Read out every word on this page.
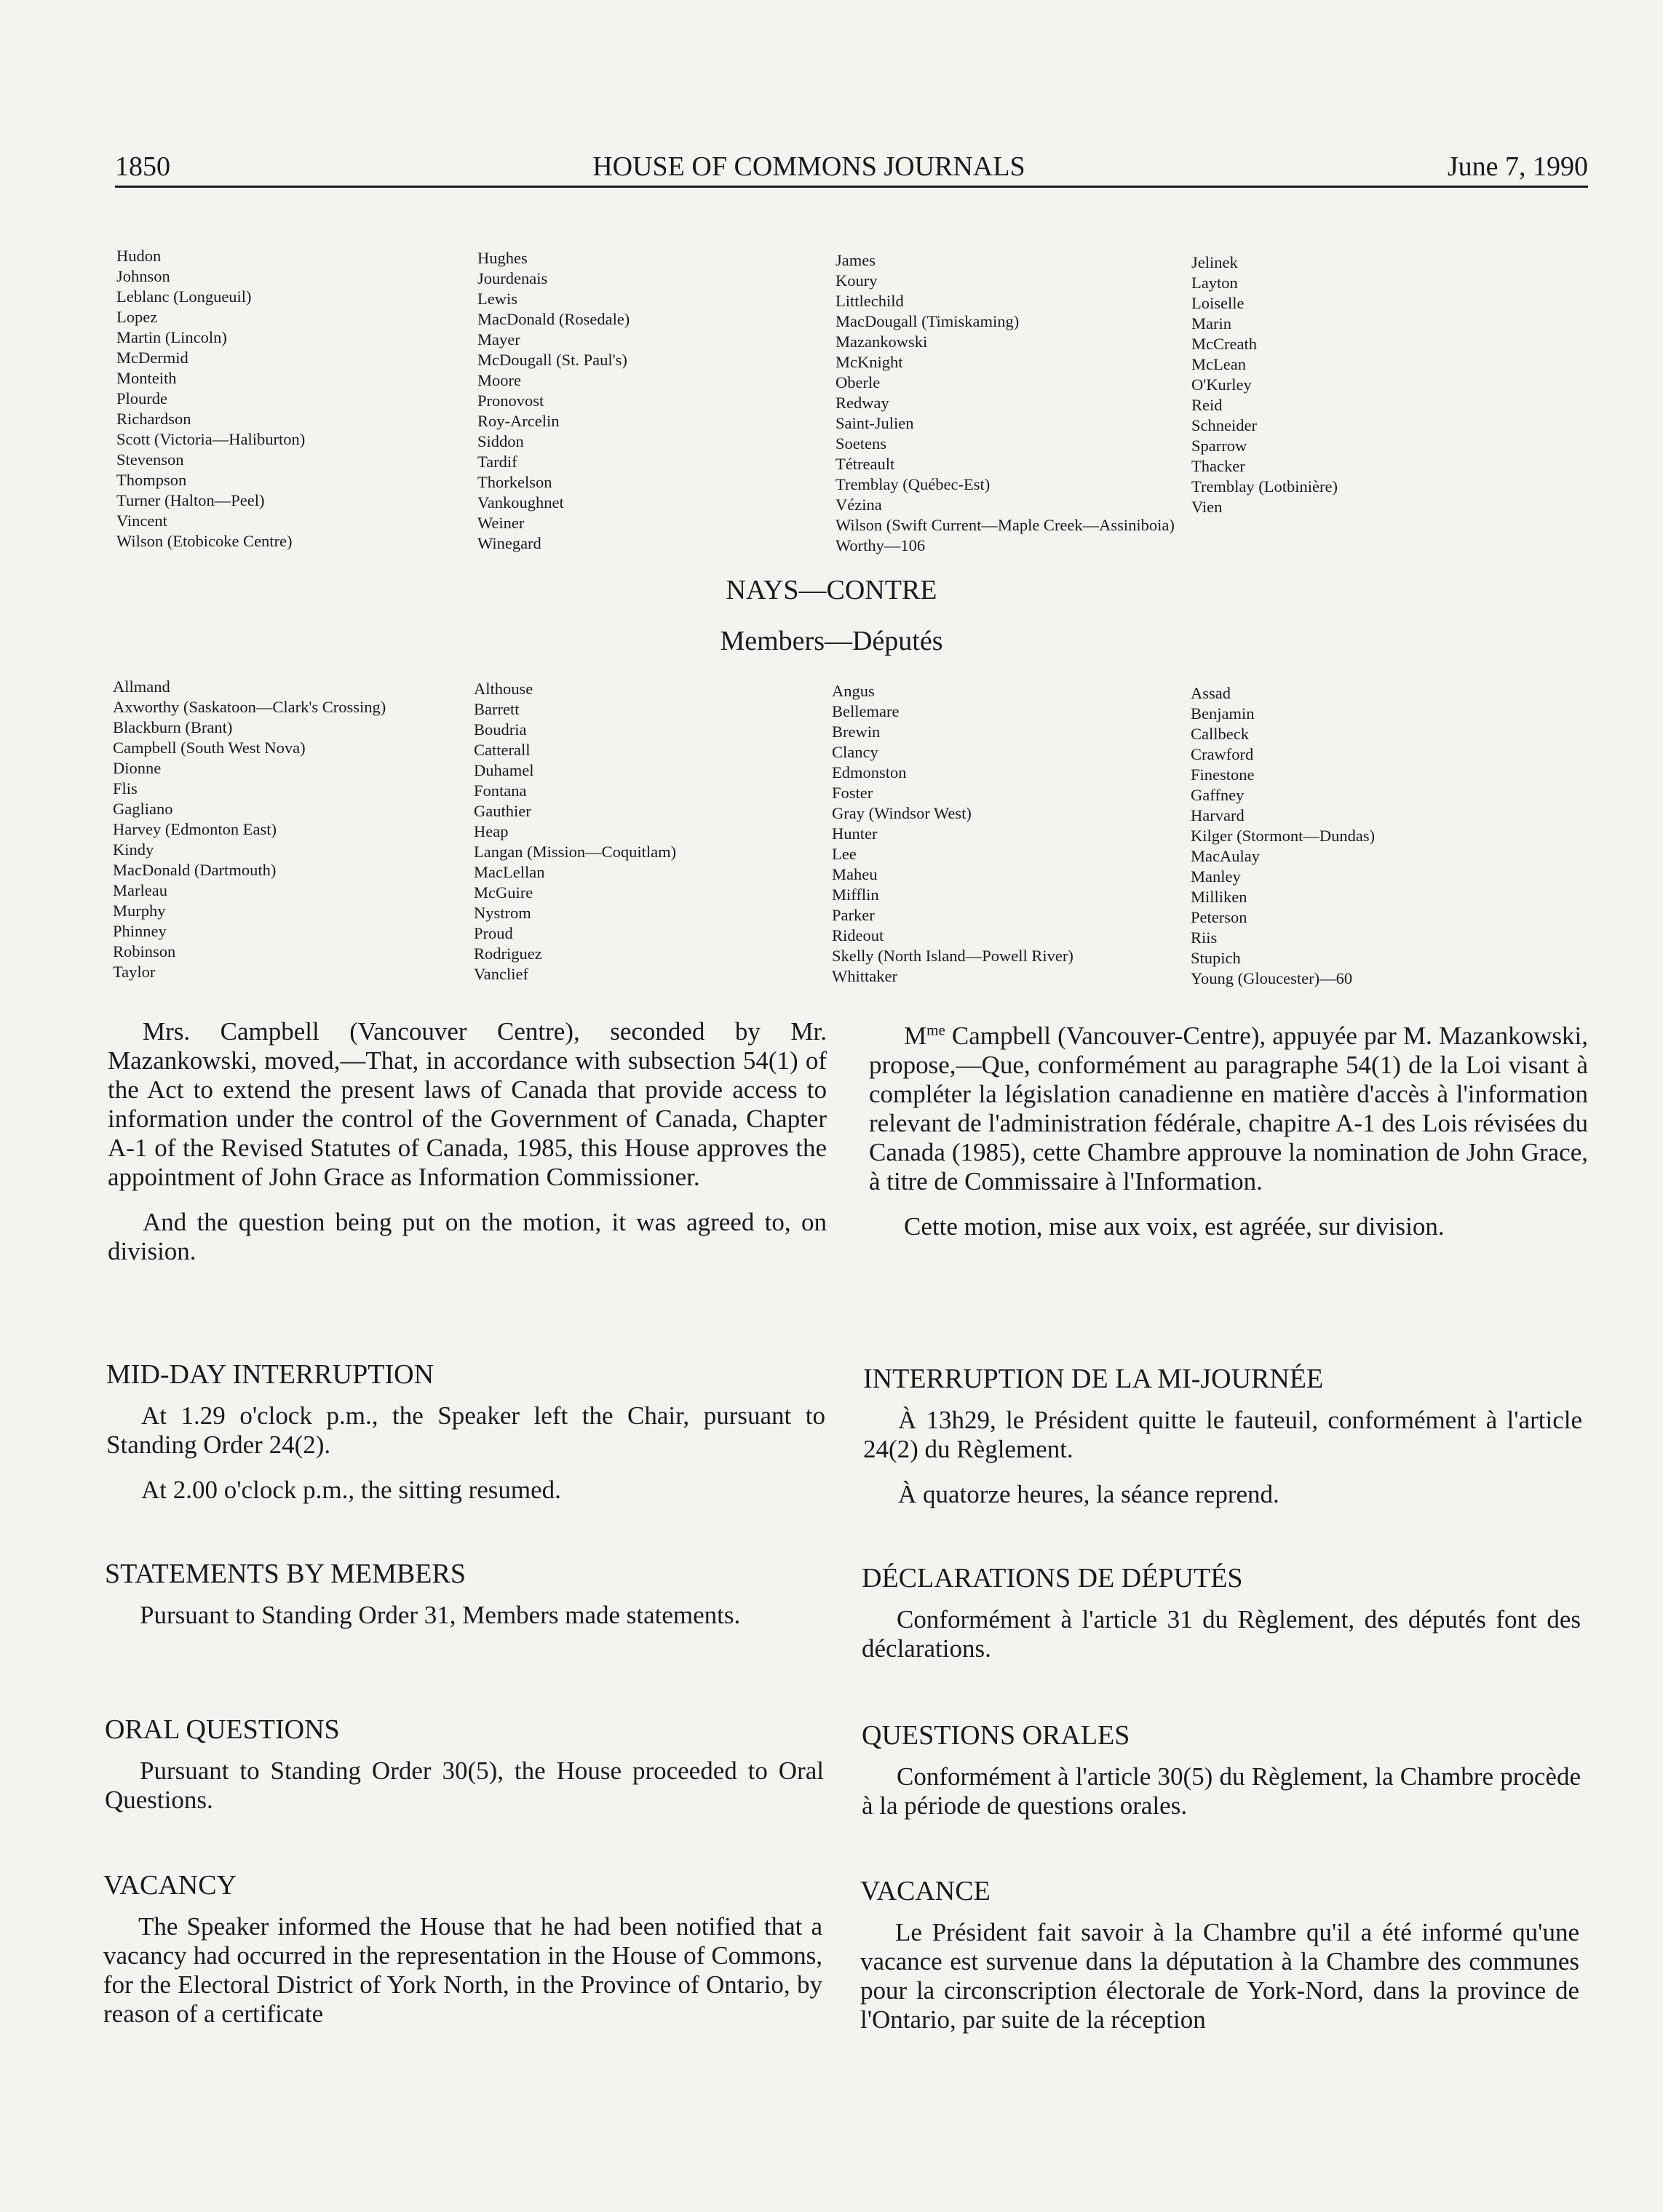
1850	HOUSE OF COMMONS JOURNALS	June 7, 1990
Hudon
Johnson
Leblanc (Longueuil)
Lopez
Martin (Lincoln)
McDermid
Monteith
Plourde
Richardson
Scott (Victoria—Haliburton)
Stevenson
Thompson
Turner (Halton—Peel)
Vincent
Wilson (Etobicoke Centre)
Hughes
Jourdenais
Lewis
MacDonald (Rosedale)
Mayer
McDougall (St. Paul's)
Moore
Pronovost
Roy-Arcelin
Siddon
Tardif
Thorkelson
Vankoughnet
Weiner
Winegard
James
Koury
Littlechild
MacDougall (Timiskaming)
Mazankowski
McKnight
Oberle
Redway
Saint-Julien
Soetens
Tétreault
Tremblay (Québec-Est)
Vézina
Wilson (Swift Current—Maple Creek—Assiniboia)
Worthy—106
Jelinek
Layton
Loiselle
Marin
McCreath
McLean
O'Kurley
Reid
Schneider
Sparrow
Thacker
Tremblay (Lotbinière)
Vien
NAYS—CONTRE
Members—Députés
Allmand
Axworthy (Saskatoon—Clark's Crossing)
Blackburn (Brant)
Campbell (South West Nova)
Dionne
Flis
Gagliano
Harvey (Edmonton East)
Kindy
MacDonald (Dartmouth)
Marleau
Murphy
Phinney
Robinson
Taylor
Althouse
Barrett
Boudria
Catterall
Duhamel
Fontana
Gauthier
Heap
Langan (Mission—Coquitlam)
MacLellan
McGuire
Nystrom
Proud
Rodriguez
Vanclief
Angus
Bellemare
Brewin
Clancy
Edmonston
Foster
Gray (Windsor West)
Hunter
Lee
Maheu
Mifflin
Parker
Rideout
Skelly (North Island—Powell River)
Whittaker
Assad
Benjamin
Callbeck
Crawford
Finestone
Gaffney
Harvard
Kilger (Stormont—Dundas)
MacAulay
Manley
Milliken
Peterson
Riis
Stupich
Young (Gloucester)—60

Mrs. Campbell (Vancouver Centre), seconded by Mr. Mazankowski, moved,—That, in accordance with subsection 54(1) of the Act to extend the present laws of Canada that provide access to information under the control of the Government of Canada, Chapter A-1 of the Revised Statutes of Canada, 1985, this House approves the appointment of John Grace as Information Commissioner.

And the question being put on the motion, it was agreed to, on division.

$M^{me}$ Campbell (Vancouver-Centre), appuyée par M. Mazankowski, propose,—Que, conformément au paragraphe 54(1) de la Loi visant à compléter la législation canadienne en matière d'accès à l'information relevant de l'administration fédérale, chapitre A-1 des Lois révisées du Canada (1985), cette Chambre approuve la nomination de John Grace, à titre de Commissaire à l'Information.

Cette motion, mise aux voix, est agréée, sur division.

MID-DAY INTERRUPTION

At 1.29 o'clock p.m., the Speaker left the Chair, pursuant to Standing Order 24(2).

At 2.00 o'clock p.m., the sitting resumed.

INTERRUPTION DE LA MI-JOURNÉE

À 13h29, le Président quitte le fauteuil, conformément à l'article 24(2) du Règlement.

À quatorze heures, la séance reprend.

STATEMENTS BY MEMBERS

Pursuant to Standing Order 31, Members made statements.

DÉCLARATIONS DE DÉPUTÉS

Conformément à l'article 31 du Règlement, des députés font des déclarations.

ORAL QUESTIONS

Pursuant to Standing Order 30(5), the House proceeded to Oral Questions.

QUESTIONS ORALES

Conformément à l'article 30(5) du Règlement, la Chambre procède à la période de questions orales.

VACANCY

The Speaker informed the House that he had been notified that a vacancy had occurred in the representation in the House of Commons, for the Electoral District of York North, in the Province of Ontario, by reason of a certificate

VACANCE

Le Président fait savoir à la Chambre qu'il a été informé qu'une vacance est survenue dans la députation à la Chambre des communes pour la circonscription électorale de York-Nord, dans la province de l'Ontario, par suite de la réception
